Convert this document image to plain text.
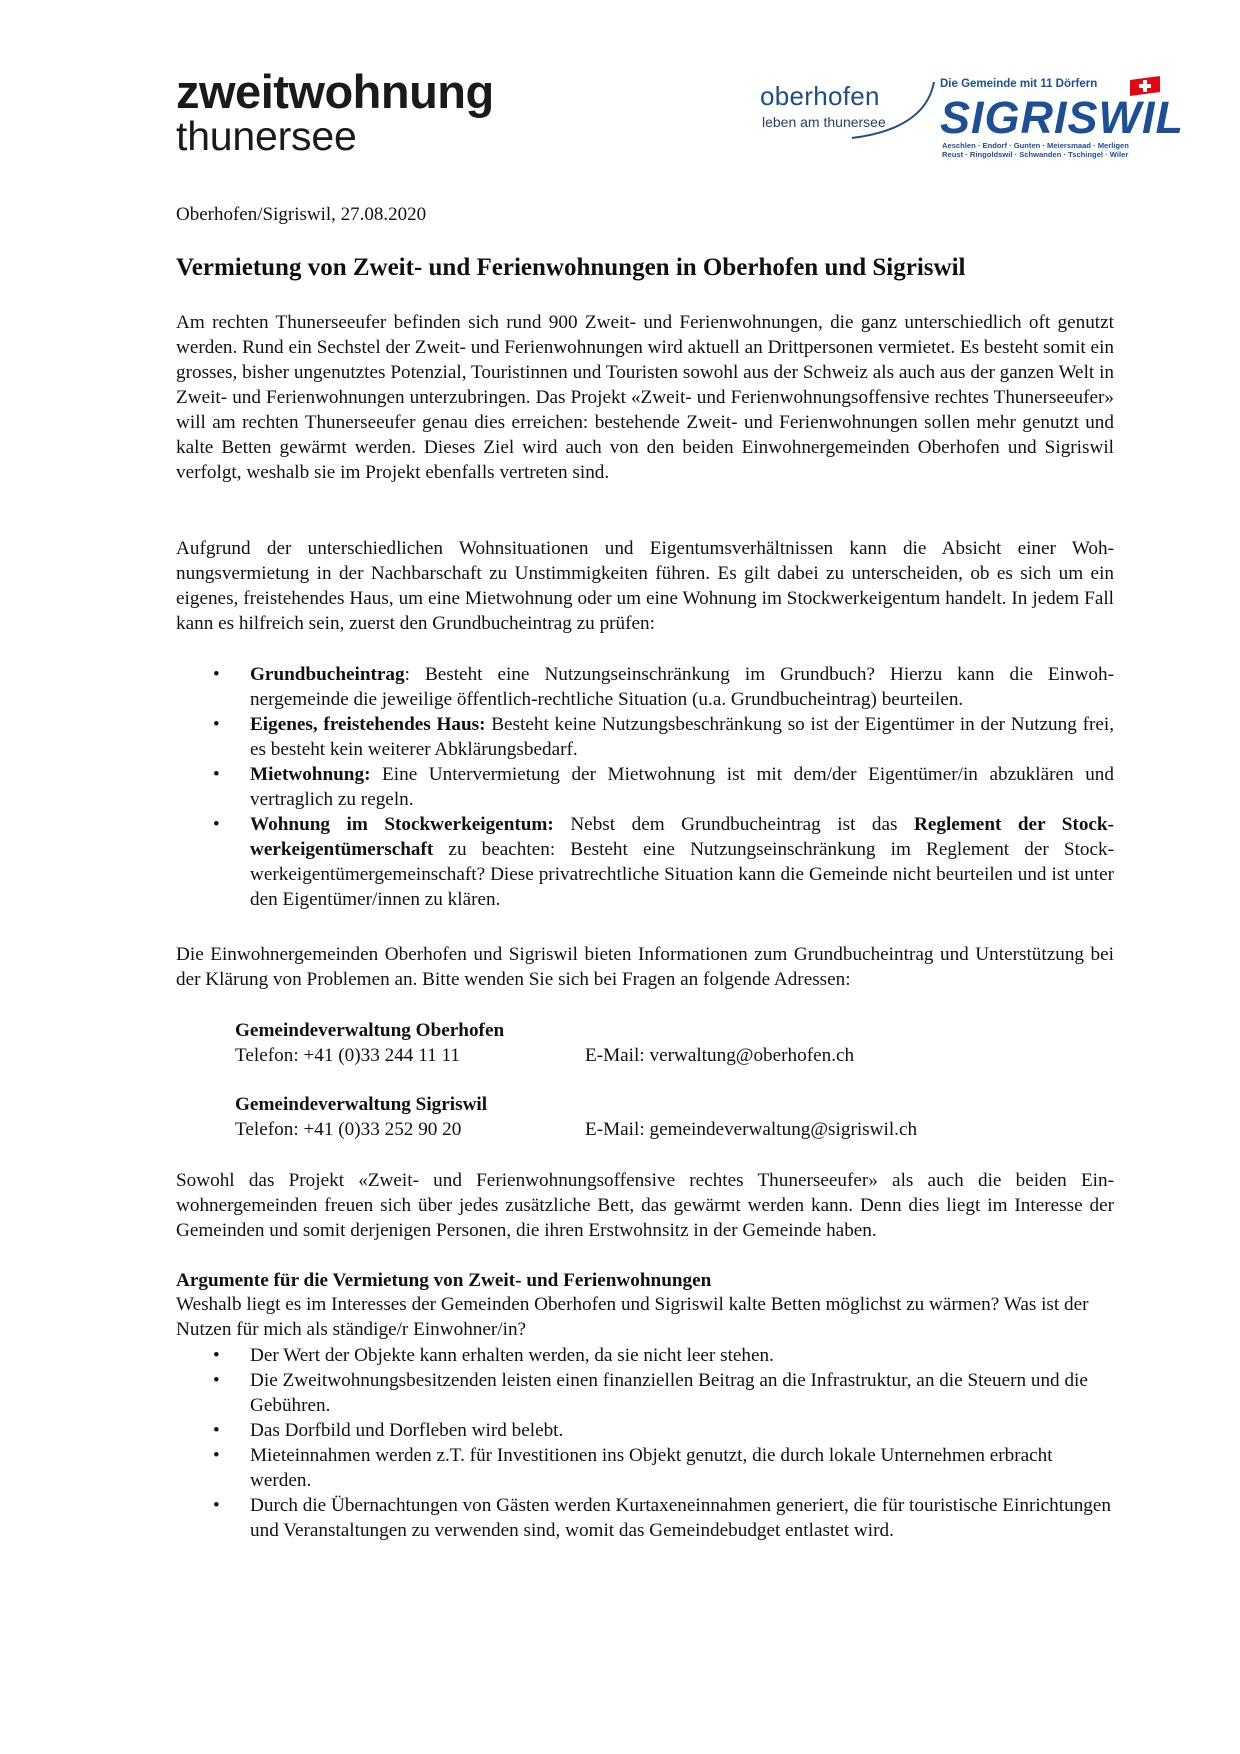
zweitwohnung
thunersee
oberhofen
leben am thunersee
Die Gemeinde mit 11 Dörfern
SIGRISWIL
Aeschlen · Endorf · Gunten · Meiersmaad · Merligen
Reust · Ringoldswil · Schwanden · Tschingel · Wiler
Oberhofen/Sigriswil, 27.08.2020
Vermietung von Zweit- und Ferienwohnungen in Oberhofen und Sigriswil

Am rechten Thunerseeufer befinden sich rund 900 Zweit- und Ferienwohnungen, die ganz unterschiedlich oft genutzt werden. Rund ein Sechstel der Zweit- und Ferienwohnungen wird aktuell an Drittpersonen vermietet. Es besteht somit ein grosses, bisher ungenutztes Potenzial, Touristinnen und Touristen sowohl aus der Schweiz als auch aus der ganzen Welt in Zweit- und Ferienwohnungen unterzubringen. Das Projekt «Zweit- und Ferienwohnungsoffensive rechtes Thunerseeufer» will am rechten Thunerseeufer genau dies erreichen: bestehende Zweit- und Ferienwohnungen sollen mehr genutzt und kalte Betten gewärmt werden. Dieses Ziel wird auch von den beiden Einwohnergemeinden Oberhofen und Sigriswil verfolgt, weshalb sie im Projekt ebenfalls vertreten sind.

Aufgrund der unterschiedlichen Wohnsituationen und Eigentumsverhältnissen kann die Absicht einer Wohnungsvermietung in der Nachbarschaft zu Unstimmigkeiten führen. Es gilt dabei zu unterscheiden, ob es sich um ein eigenes, freistehendes Haus, um eine Mietwohnung oder um eine Wohnung im Stockwerkeigentum handelt. In jedem Fall kann es hilfreich sein, zuerst den Grundbucheintrag zu prüfen:

• Grundbucheintrag: Besteht eine Nutzungseinschränkung im Grundbuch? Hierzu kann die Einwohnergemeinde die jeweilige öffentlich-rechtliche Situation (u.a. Grundbucheintrag) beurteilen.
• Eigenes, freistehendes Haus: Besteht keine Nutzungsbeschränkung so ist der Eigentümer in der Nutzung frei, es besteht kein weiterer Abklärungsbedarf.
• Mietwohnung: Eine Untervermietung der Mietwohnung ist mit dem/der Eigentümer/in abzuklären und vertraglich zu regeln.
• Wohnung im Stockwerkeigentum: Nebst dem Grundbucheintrag ist das Reglement der Stockwerkeigentümerschaft zu beachten: Besteht eine Nutzungseinschränkung im Reglement der Stockwerkeigentümergemeinschaft? Diese privatrechtliche Situation kann die Gemeinde nicht beurteilen und ist unter den Eigentümer/innen zu klären.

Die Einwohnergemeinden Oberhofen und Sigriswil bieten Informationen zum Grundbucheintrag und Unterstützung bei der Klärung von Problemen an. Bitte wenden Sie sich bei Fragen an folgende Adressen:

Gemeindeverwaltung Oberhofen
Telefon: +41 (0)33 244 11 11	E-Mail: verwaltung@oberhofen.ch
Gemeindeverwaltung Sigriswil
Telefon: +41 (0)33 252 90 20	E-Mail: gemeindeverwaltung@sigriswil.ch

Sowohl das Projekt «Zweit- und Ferienwohnungsoffensive rechtes Thunerseeufer» als auch die beiden Einwohnergemeinden freuen sich über jedes zusätzliche Bett, das gewärmt werden kann. Denn dies liegt im Interesse der Gemeinden und somit derjenigen Personen, die ihren Erstwohnsitz in der Gemeinde haben.

Argumente für die Vermietung von Zweit- und Ferienwohnungen
Weshalb liegt es im Interesses der Gemeinden Oberhofen und Sigriswil kalte Betten möglichst zu wärmen? Was ist der Nutzen für mich als ständige/r Einwohner/in?
• Der Wert der Objekte kann erhalten werden, da sie nicht leer stehen.
• Die Zweitwohnungsbesitzenden leisten einen finanziellen Beitrag an die Infrastruktur, an die Steuern und die Gebühren.
• Das Dorfbild und Dorfleben wird belebt.
• Mieteinnahmen werden z.T. für Investitionen ins Objekt genutzt, die durch lokale Unternehmen erbracht werden.
• Durch die Übernachtungen von Gästen werden Kurtaxeneinnahmen generiert, die für touristische Einrichtungen und Veranstaltungen zu verwenden sind, womit das Gemeindebudget entlastet wird.
